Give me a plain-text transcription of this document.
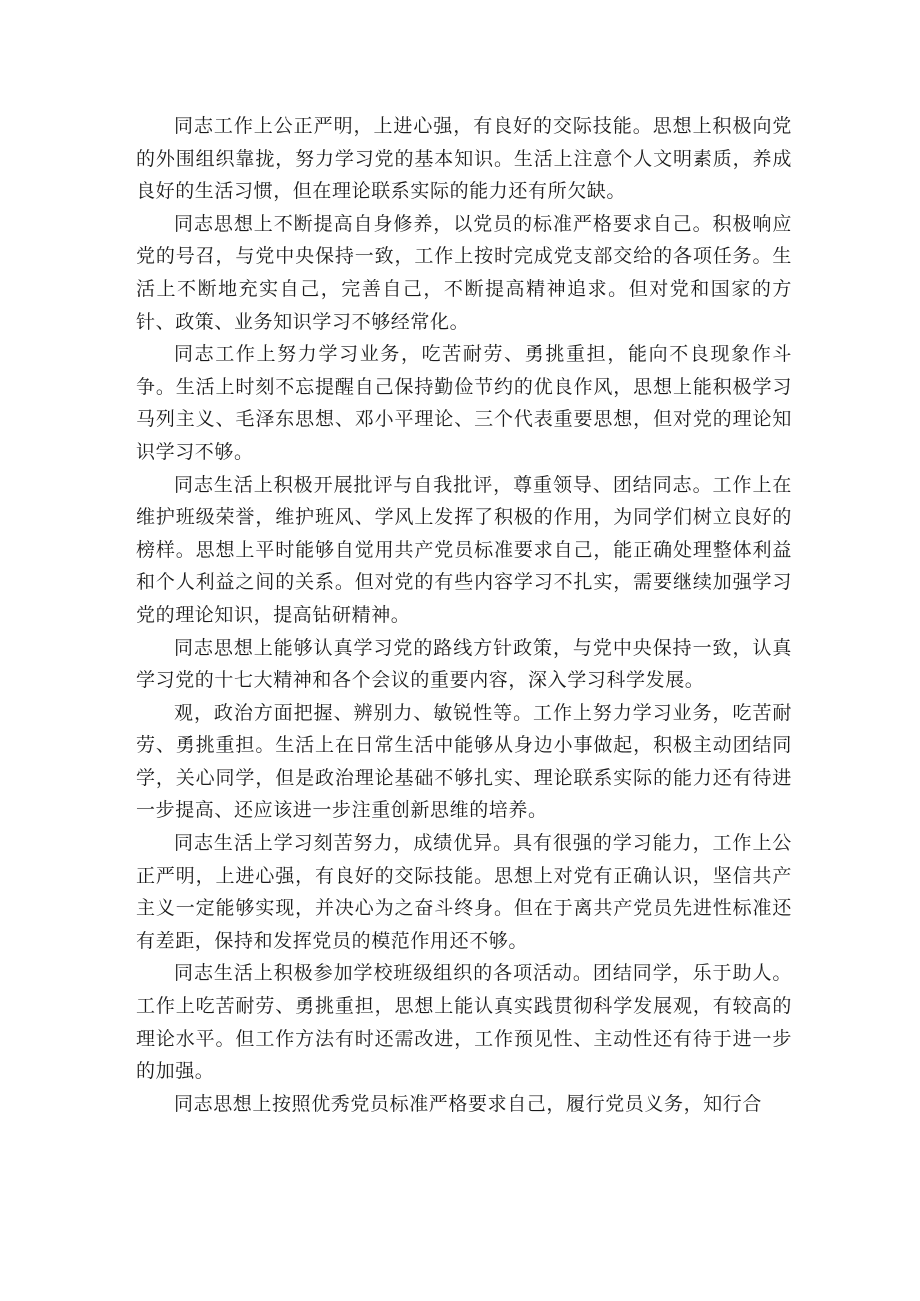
同志工作上公正严明，上进心强，有良好的交际技能。思想上积极向党的外围组织靠拢，努力学习党的基本知识。生活上注意个人文明素质，养成良好的生活习惯，但在理论联系实际的能力还有所欠缺。

同志思想上不断提高自身修养，以党员的标准严格要求自己。积极响应党的号召，与党中央保持一致，工作上按时完成党支部交给的各项任务。生活上不断地充实自己，完善自己，不断提高精神追求。但对党和国家的方针、政策、业务知识学习不够经常化。

同志工作上努力学习业务，吃苦耐劳、勇挑重担，能向不良现象作斗争。生活上时刻不忘提醒自己保持勤俭节约的优良作风，思想上能积极学习马列主义、毛泽东思想、邓小平理论、三个代表重要思想，但对党的理论知识学习不够。

同志生活上积极开展批评与自我批评，尊重领导、团结同志。工作上在维护班级荣誉，维护班风、学风上发挥了积极的作用，为同学们树立良好的榜样。思想上平时能够自觉用共产党员标准要求自己，能正确处理整体利益和个人利益之间的关系。但对党的有些内容学习不扎实，需要继续加强学习党的理论知识，提高钻研精神。

同志思想上能够认真学习党的路线方针政策，与党中央保持一致，认真学习党的十七大精神和各个会议的重要内容，深入学习科学发展。

观，政治方面把握、辨别力、敏锐性等。工作上努力学习业务，吃苦耐劳、勇挑重担。生活上在日常生活中能够从身边小事做起，积极主动团结同学，关心同学，但是政治理论基础不够扎实、理论联系实际的能力还有待进一步提高、还应该进一步注重创新思维的培养。

同志生活上学习刻苦努力，成绩优异。具有很强的学习能力，工作上公正严明，上进心强，有良好的交际技能。思想上对党有正确认识，坚信共产主义一定能够实现，并决心为之奋斗终身。但在于离共产党员先进性标准还有差距，保持和发挥党员的模范作用还不够。

同志生活上积极参加学校班级组织的各项活动。团结同学，乐于助人。工作上吃苦耐劳、勇挑重担，思想上能认真实践贯彻科学发展观，有较高的理论水平。但工作方法有时还需改进，工作预见性、主动性还有待于进一步的加强。

同志思想上按照优秀党员标准严格要求自己，履行党员义务，知行合
